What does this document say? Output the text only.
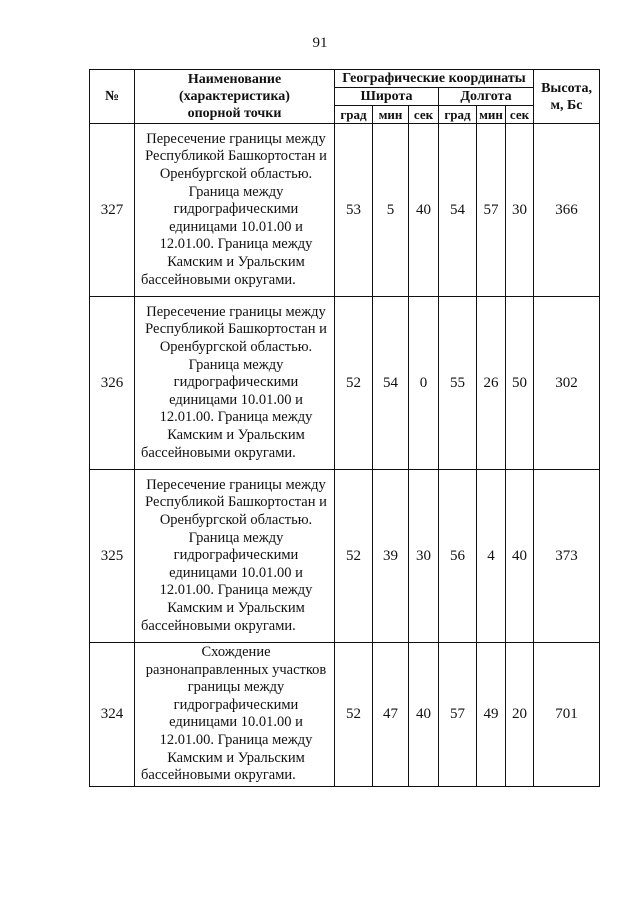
91
№	Наименование
(характеристика)
опорной точки	Географические координаты						Высота, м, Бс
		Широта			Долгота			
		град	мин	сек	град	мин	сек	
327	Пересечение границы между Республикой Башкортостан и Оренбургской областью. Граница между гидрографическими единицами 10.01.00 и 12.01.00. Граница между Камским и Уральским бассейновыми округами.	53	5	40	54	57	30	366
326	Пересечение границы между Республикой Башкортостан и Оренбургской областью. Граница между гидрографическими единицами 10.01.00 и 12.01.00. Граница между Камским и Уральским бассейновыми округами.	52	54	0	55	26	50	302
325	Пересечение границы между Республикой Башкортостан и Оренбургской областью. Граница между гидрографическими единицами 10.01.00 и 12.01.00. Граница между Камским и Уральским бассейновыми округами.	52	39	30	56	4	40	373
324	Схождение разнонаправленных участков границы между гидрографическими единицами 10.01.00 и 12.01.00. Граница между Камским и Уральским бассейновыми округами.	52	47	40	57	49	20	701
